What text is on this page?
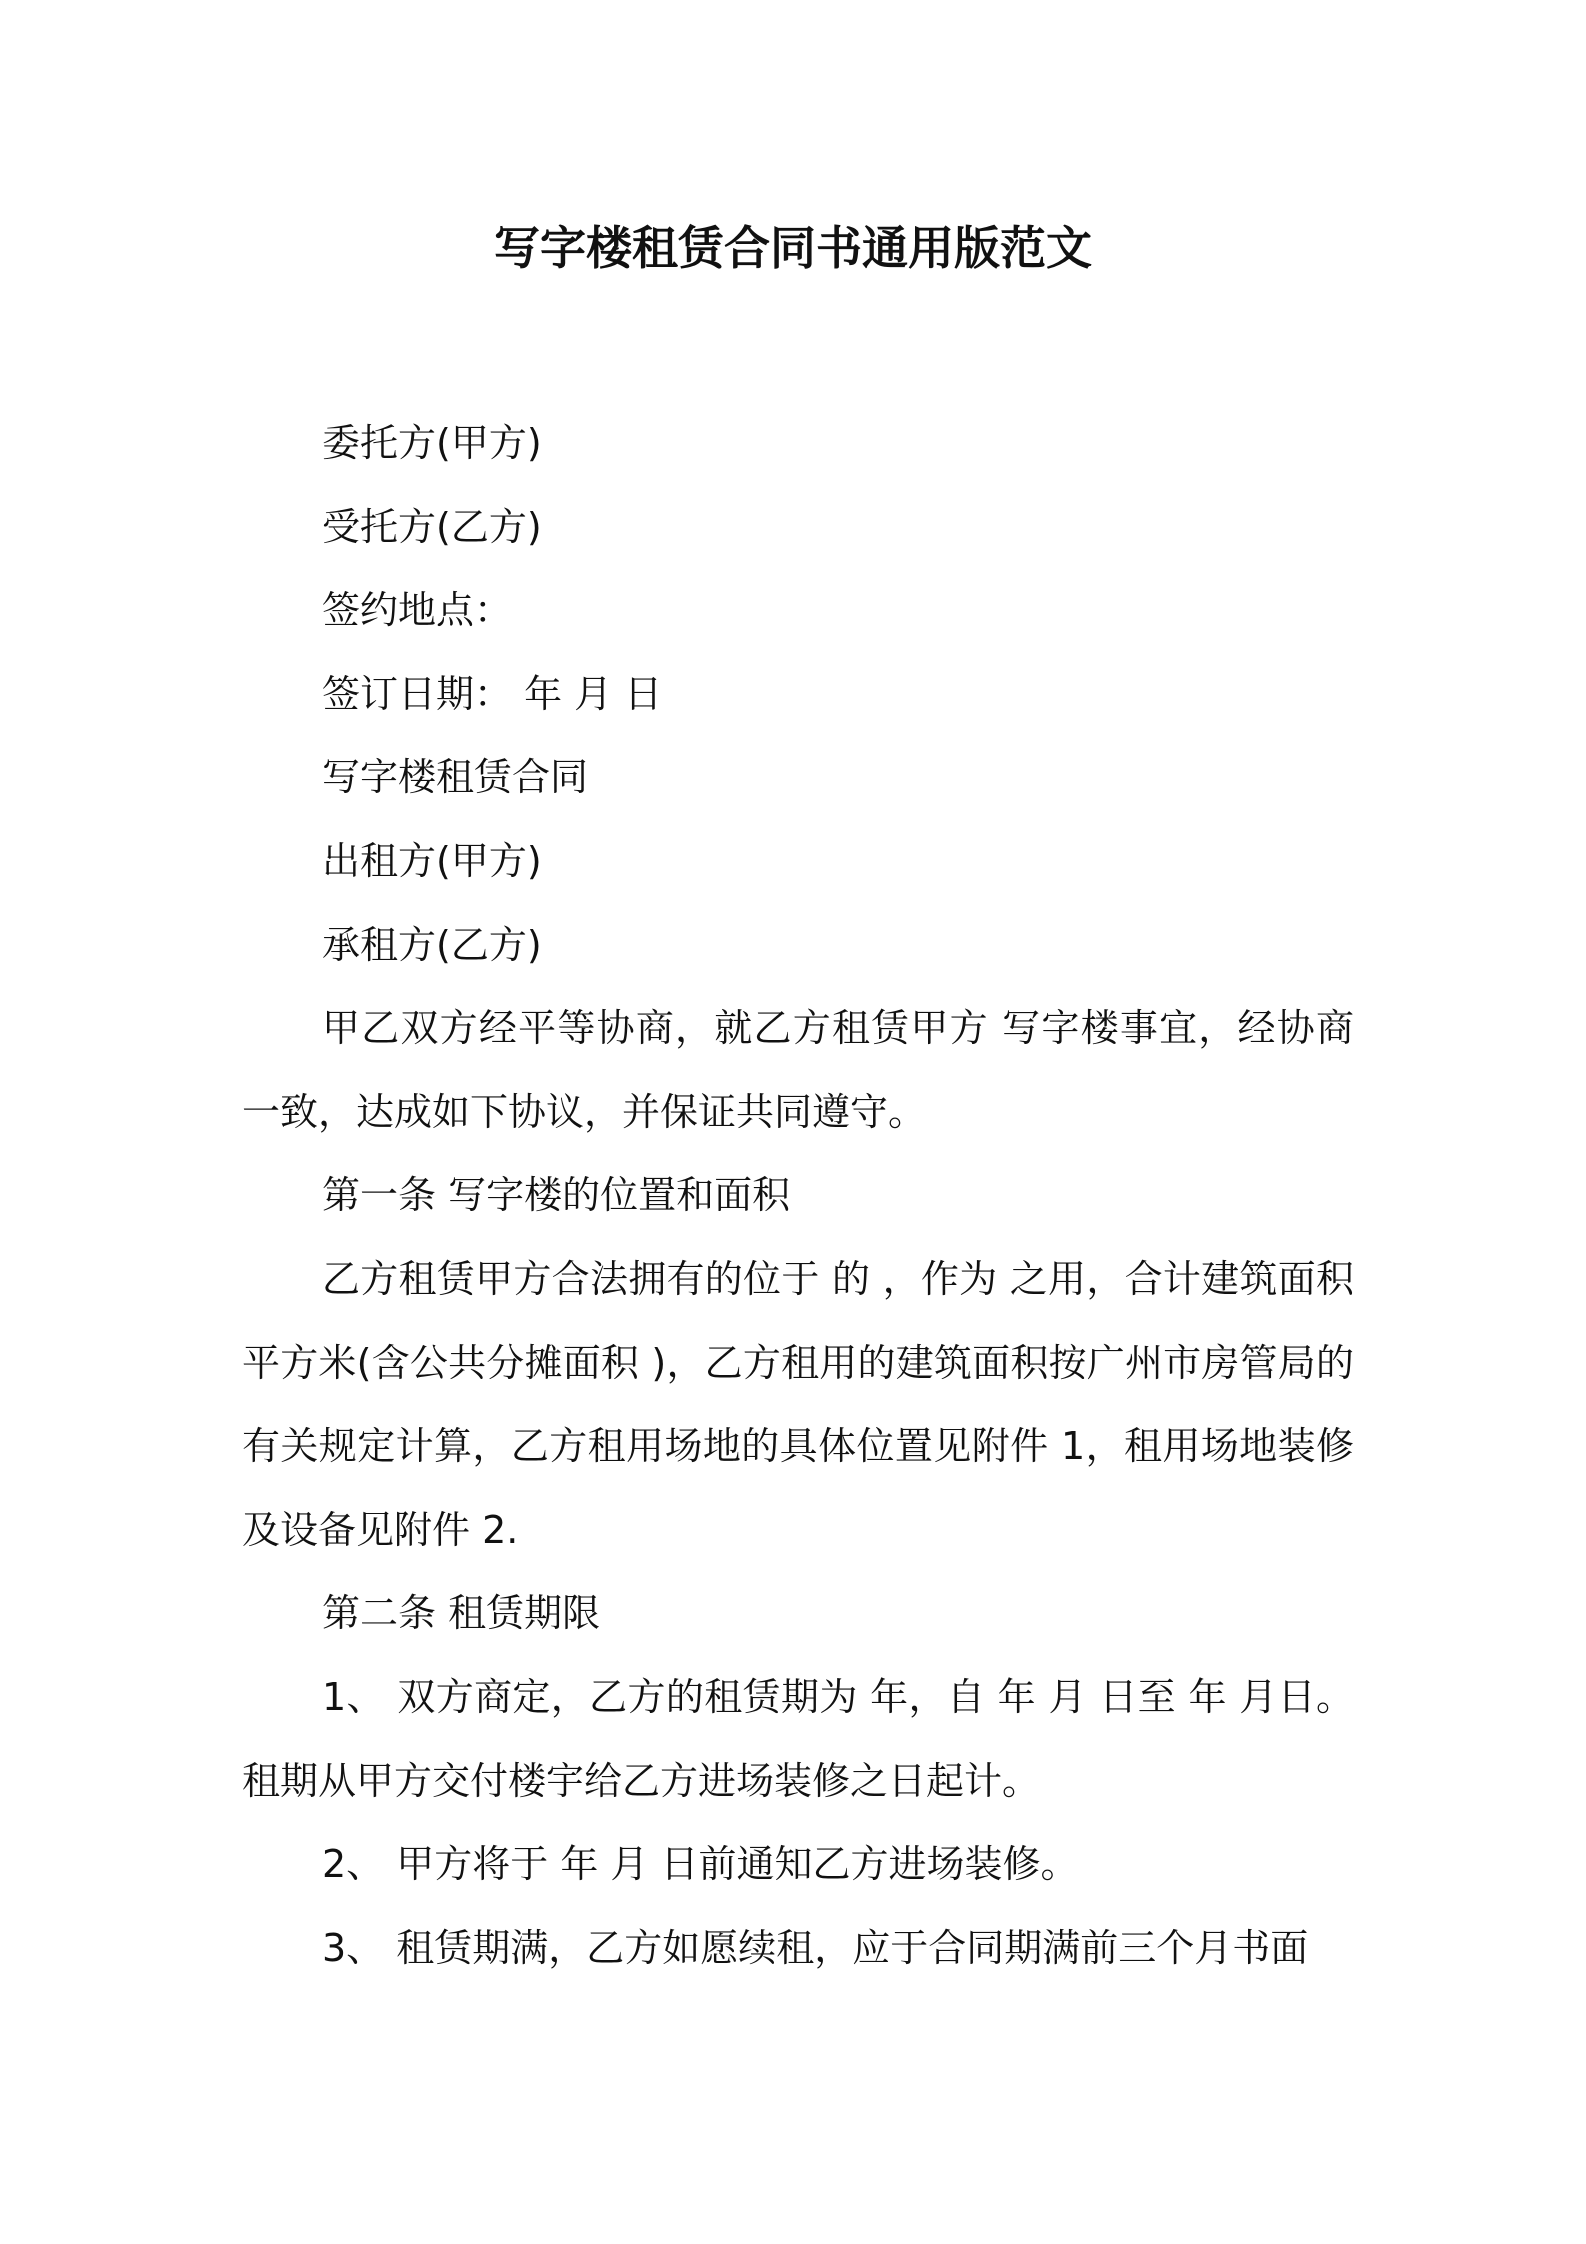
写字楼租赁合同书通用版范文

委托方(甲方)

受托方(乙方)

签约地点：

签订日期： 年 月 日

写字楼租赁合同

出租方(甲方)

承租方(乙方)

甲乙双方经平等协商，就乙方租赁甲方 写字楼事宜，经协商一致，达成如下协议，并保证共同遵守。

第一条 写字楼的位置和面积

乙方租赁甲方合法拥有的位于 的 ，作为 之用，合计建筑面积 平方米(含公共分摊面积 )，乙方租用的建筑面积按广州市房管局的有关规定计算，乙方租用场地的具体位置见附件 1，租用场地装修及设备见附件 2.

第二条 租赁期限

1、 双方商定，乙方的租赁期为 年，自 年 月 日至 年 月日。租期从甲方交付楼宇给乙方进场装修之日起计。

2、 甲方将于 年 月 日前通知乙方进场装修。

3、 租赁期满，乙方如愿续租，应于合同期满前三个月书面
